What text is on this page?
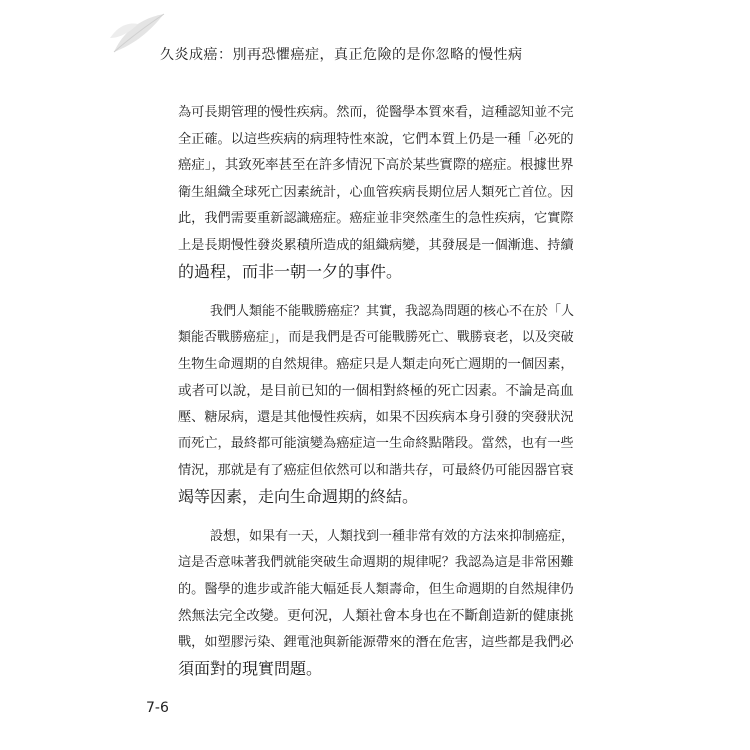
久炎成癌：別再恐懼癌症，真正危險的是你忽略的慢性病

為可長期管理的慢性疾病。然而，從醫學本質來看，這種認知並不完
全正確。以這些疾病的病理特性來說，它們本質上仍是一種「必死的
癌症」，其致死率甚至在許多情況下高於某些實際的癌症。根據世界
衛生組織全球死亡因素統計，心血管疾病長期位居人類死亡首位。因
此，我們需要重新認識癌症。癌症並非突然產生的急性疾病，它實際
上是長期慢性發炎累積所造成的組織病變，其發展是一個漸進、持續
的過程，而非一朝一夕的事件。

我們人類能不能戰勝癌症？其實，我認為問題的核心不在於「人
類能否戰勝癌症」，而是我們是否可能戰勝死亡、戰勝衰老，以及突破
生物生命週期的自然規律。癌症只是人類走向死亡週期的一個因素，
或者可以說，是目前已知的一個相對終極的死亡因素。不論是高血
壓、糖尿病，還是其他慢性疾病，如果不因疾病本身引發的突發狀況
而死亡，最終都可能演變為癌症這一生命終點階段。當然，也有一些
情況，那就是有了癌症但依然可以和諧共存，可最終仍可能因器官衰
竭等因素，走向生命週期的終結。

設想，如果有一天，人類找到一種非常有效的方法來抑制癌症，
這是否意味著我們就能突破生命週期的規律呢？我認為這是非常困難
的。醫學的進步或許能大幅延長人類壽命，但生命週期的自然規律仍
然無法完全改變。更何況，人類社會本身也在不斷創造新的健康挑
戰，如塑膠污染、鋰電池與新能源帶來的潛在危害，這些都是我們必
須面對的現實問題。

7-6
